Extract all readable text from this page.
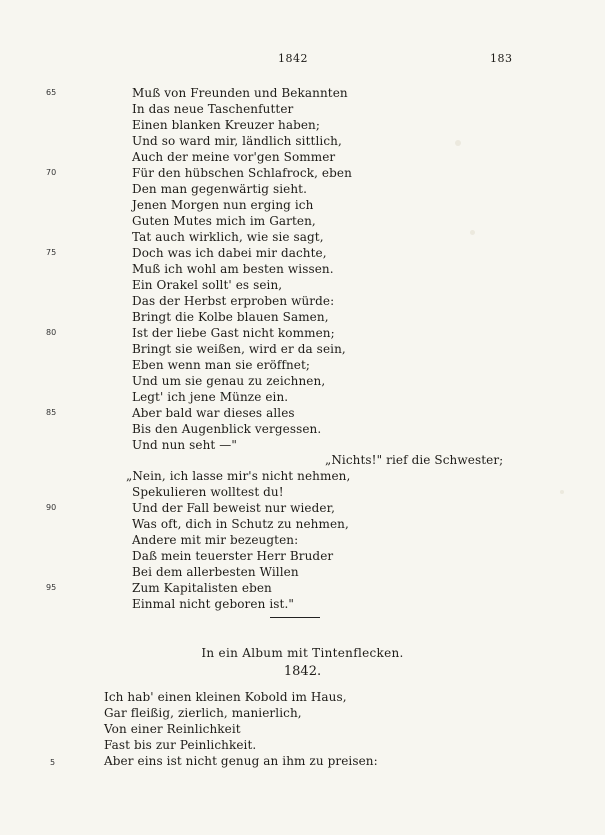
1842	183
Muß von Freunden und Bekannten
In das neue Taschenfutter
Einen blanken Kreuzer haben;
Und so ward mir, ländlich sittlich,
Auch der meine vor'gen Sommer
Für den hübschen Schlafrock, eben
Den man gegenwärtig sieht.
Jenen Morgen nun erging ich
Guten Mutes mich im Garten,
Tat auch wirklich, wie sie sagt,
Doch was ich dabei mir dachte,
Muß ich wohl am besten wissen.
Ein Orakel sollt' es sein,
Das der Herbst erproben würde:
Bringt die Kolbe blauen Samen,
Ist der liebe Gast nicht kommen;
Bringt sie weißen, wird er da sein,
Eben wenn man sie eröffnet;
Und um sie genau zu zeichnen,
Legt' ich jene Münze ein.
Aber bald war dieses alles
Bis den Augenblick vergessen.
Und nun seht —"
„Nichts!" rief die Schwester;
„Nein, ich lasse mir's nicht nehmen,
Spekulieren wolltest du!
Und der Fall beweist nur wieder,
Was oft, dich in Schutz zu nehmen,
Andere mit mir bezeugten:
Daß mein teuerster Herr Bruder
Bei dem allerbesten Willen
Zum Kapitalisten eben
Einmal nicht geboren ist."
65
70
75
80
85
90
95
In ein Album mit Tintenflecken.
1842.
Ich hab' einen kleinen Kobold im Haus,
Gar fleißig, zierlich, manierlich,
Von einer Reinlichkeit
Fast bis zur Peinlichkeit.
Aber eins ist nicht genug an ihm zu preisen:
5
